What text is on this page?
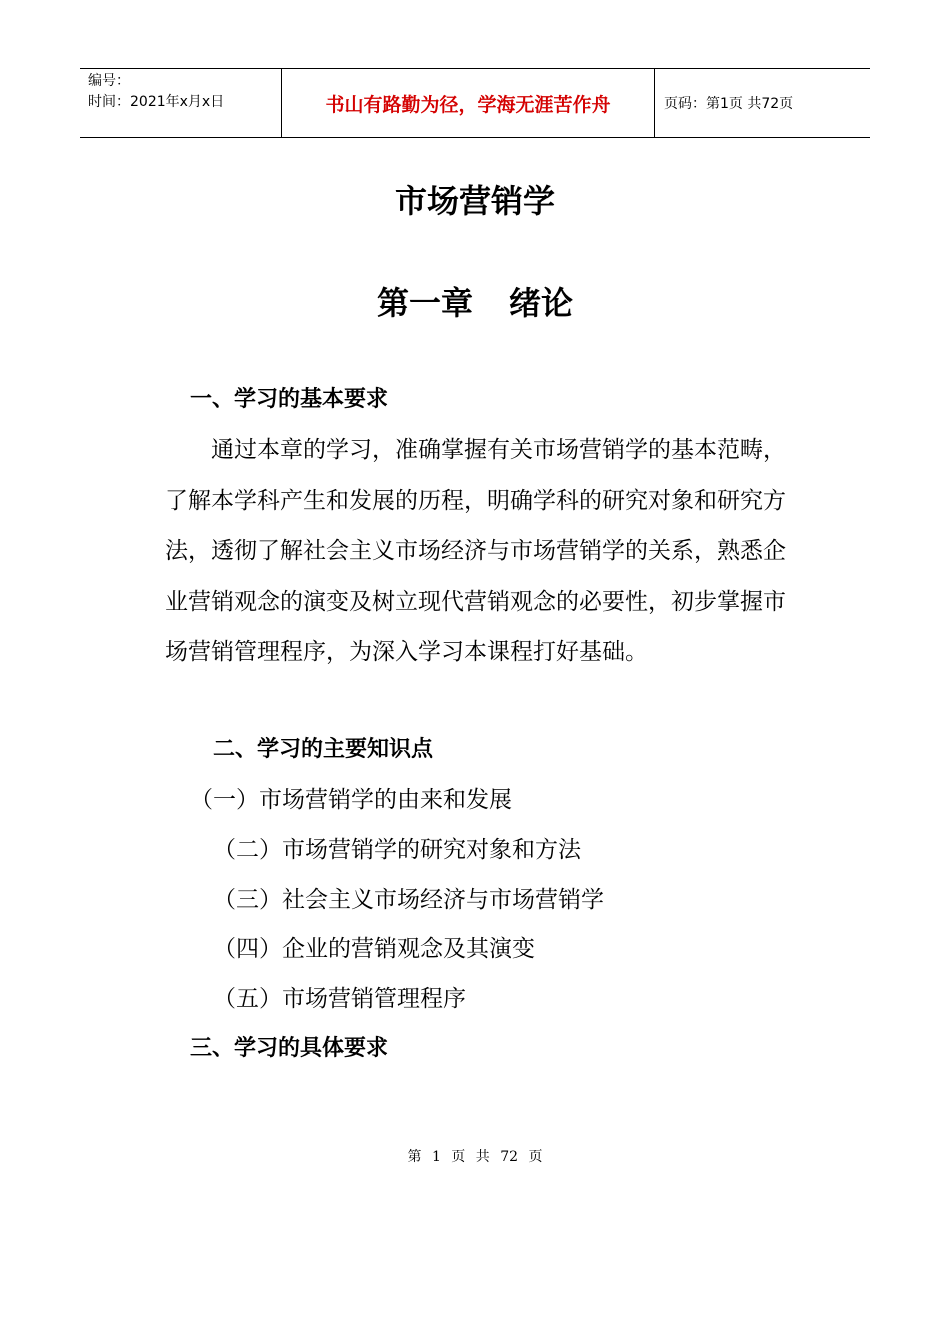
编号：
时间：2021年x月x日	书山有路勤为径，学海无涯苦作舟	页码：第1页 共72页
市场营销学
第一章 绪论
一、学习的基本要求
通过本章的学习，准确掌握有关市场营销学的基本范畴，了解本学科产生和发展的历程，明确学科的研究对象和研究方法，透彻了解社会主义市场经济与市场营销学的关系，熟悉企业营销观念的演变及树立现代营销观念的必要性，初步掌握市场营销管理程序，为深入学习本课程打好基础。
二、学习的主要知识点
（一）市场营销学的由来和发展
（二）市场营销学的研究对象和方法
（三）社会主义市场经济与市场营销学
（四）企业的营销观念及其演变
（五）市场营销管理程序
三、学习的具体要求
第 1 页 共 72 页
